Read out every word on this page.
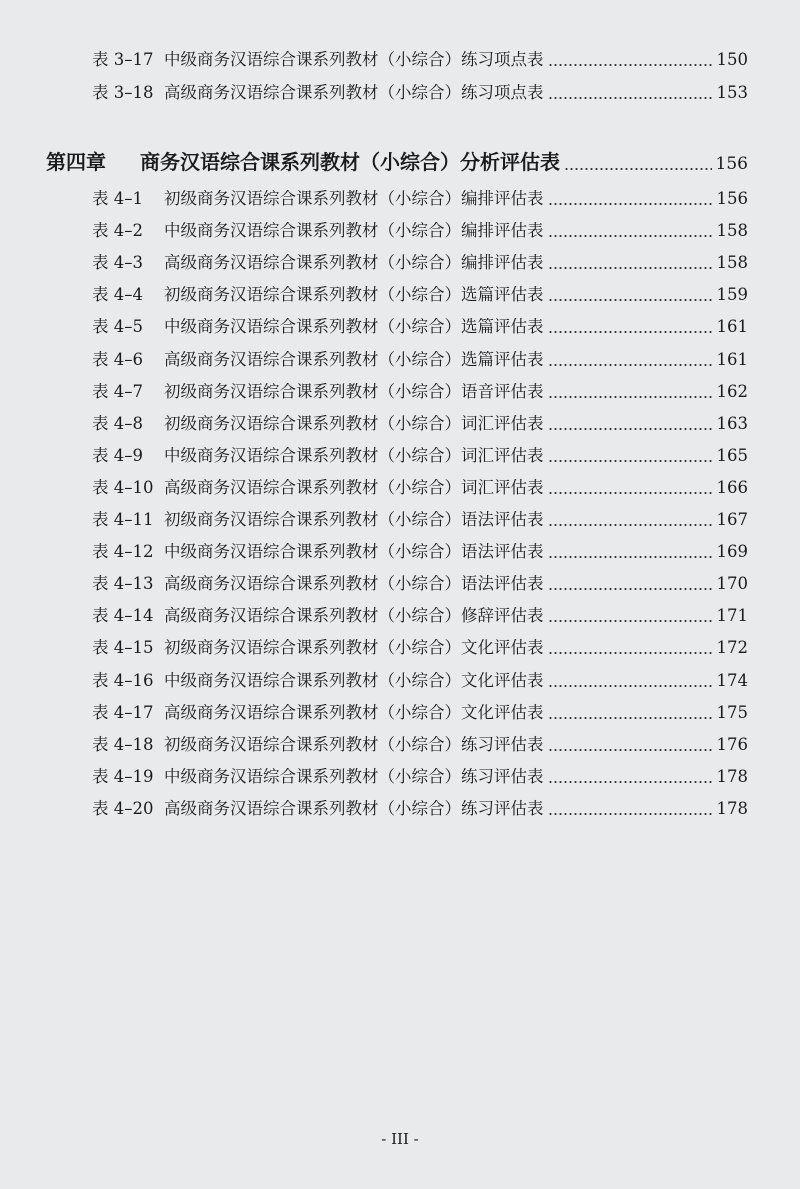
表 3–17 中级商务汉语综合课系列教材（小综合）练习项点表	150
表 3–18 高级商务汉语综合课系列教材（小综合）练习项点表	153
第四章	商务汉语综合课系列教材（小综合）分析评估表	156
表 4–1	初级商务汉语综合课系列教材（小综合）编排评估表	156
表 4–2	中级商务汉语综合课系列教材（小综合）编排评估表	158
表 4–3	高级商务汉语综合课系列教材（小综合）编排评估表	158
表 4–4	初级商务汉语综合课系列教材（小综合）选篇评估表	159
表 4–5	中级商务汉语综合课系列教材（小综合）选篇评估表	161
表 4–6	高级商务汉语综合课系列教材（小综合）选篇评估表	161
表 4–7	初级商务汉语综合课系列教材（小综合）语音评估表	162
表 4–8	初级商务汉语综合课系列教材（小综合）词汇评估表	163
表 4–9	中级商务汉语综合课系列教材（小综合）词汇评估表	165
表 4–10 高级商务汉语综合课系列教材（小综合）词汇评估表	166
表 4–11 初级商务汉语综合课系列教材（小综合）语法评估表	167
表 4–12 中级商务汉语综合课系列教材（小综合）语法评估表	169
表 4–13 高级商务汉语综合课系列教材（小综合）语法评估表	170
表 4–14 高级商务汉语综合课系列教材（小综合）修辞评估表	171
表 4–15 初级商务汉语综合课系列教材（小综合）文化评估表	172
表 4–16 中级商务汉语综合课系列教材（小综合）文化评估表	174
表 4–17 高级商务汉语综合课系列教材（小综合）文化评估表	175
表 4–18 初级商务汉语综合课系列教材（小综合）练习评估表	176
表 4–19 中级商务汉语综合课系列教材（小综合）练习评估表	178
表 4–20 高级商务汉语综合课系列教材（小综合）练习评估表	178
- III -
